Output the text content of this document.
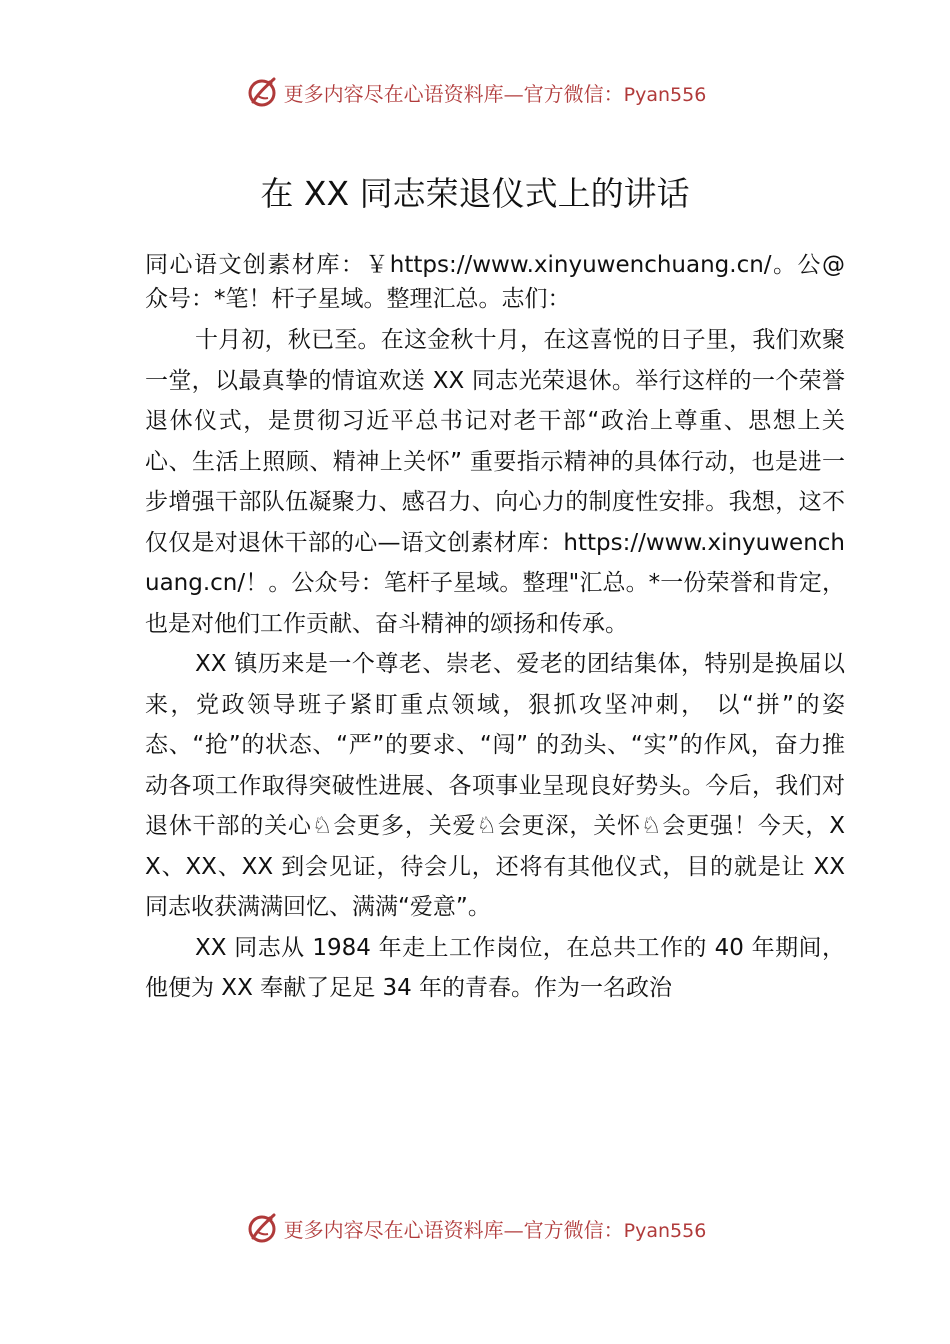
更多内容尽在心语资料库—官方微信：Pyan556
在 XX 同志荣退仪式上的讲话

同心语文创素材库：￥https://www.xinyuwenchuang.cn/。公@众号：*笔！杆子星域。整理汇总。志们：

十月初，秋已至。在这金秋十月，在这喜悦的日子里，我们欢聚一堂，以最真挚的情谊欢送 XX 同志光荣退休。举行这样的一个荣誉退休仪式，是贯彻习近平总书记对老干部“政治上尊重、思想上关心、生活上照顾、精神上关怀” 重要指示精神的具体行动，也是进一步增强干部队伍凝聚力、感召力、向心力的制度性安排。我想，这不仅仅是对退休干部的心—语文创素材库：https://www.xinyuwenchuang.cn/！。公众号：笔杆子星域。整理"汇总。*一份荣誉和肯定，也是对他们工作贡献、奋斗精神的颂扬和传承。

XX 镇历来是一个尊老、崇老、爱老的团结集体，特别是换届以来，党政领导班子紧盯重点领域，狠抓攻坚冲刺， 以“拼”的姿态、“抢”的状态、“严”的要求、“闯” 的劲头、“实”的作风，奋力推动各项工作取得突破性进展、各项事业呈现良好势头。今后，我们对退休干部的关心♘会更多，关爱♘会更深，关怀♘会更强！今天，XX、XX、XX 到会见证，待会儿，还将有其他仪式，目的就是让 XX 同志收获满满回忆、满满“爱意”。

XX 同志从 1984 年走上工作岗位，在总共工作的 40 年期间，他便为 XX 奉献了足足 34 年的青春。作为一名政治

更多内容尽在心语资料库—官方微信：Pyan556
